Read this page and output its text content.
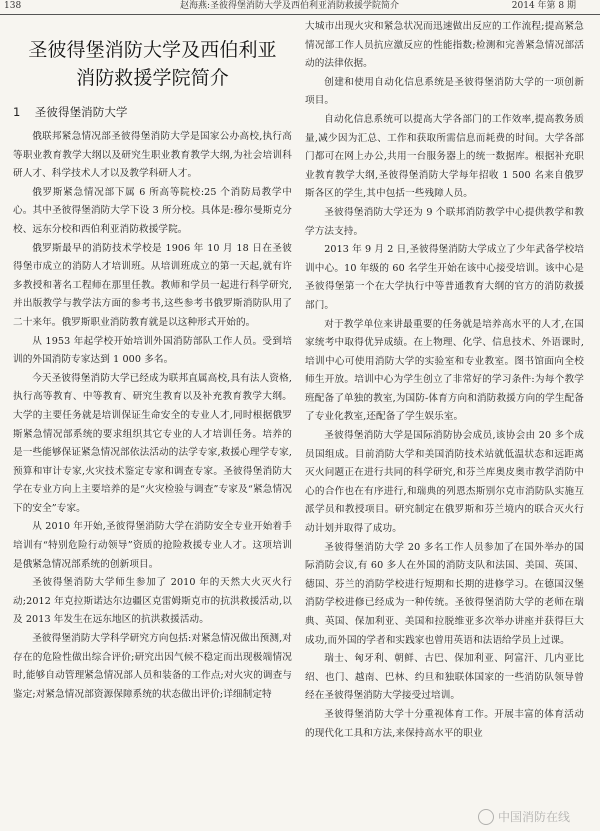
138	赵海燕:圣彼得堡消防大学及西伯利亚消防救援学院简介	2014 年第 8 期
圣彼得堡消防大学及西伯利亚
消防救援学院简介
1 圣彼得堡消防大学

俄联邦紧急情况部圣彼得堡消防大学是国家公办高校,执行高等职业教育教学大纲以及研究生职业教育教学大纲,为社会培训科研人才、科学技术人才以及教学科研人才。

俄罗斯紧急情况部下属 6 所高等院校:25 个消防局教学中心。其中圣彼得堡消防大学下设 3 所分校。具体是:穆尔曼斯克分校、远东分校和西伯利亚消防救援学院。

俄罗斯最早的消防技术学校是 1906 年 10 月 18 日在圣彼得堡市成立的消防人才培训班。从培训班成立的第一天起,就有许多教授和著名工程师在那里任教。教师和学员一起进行科学研究,并出版教学与教学法方面的参考书,这些参考书俄罗斯消防队用了二十来年。俄罗斯职业消防教育就是以这种形式开始的。

从 1953 年起学校开始培训外国消防部队工作人员。受到培训的外国消防专家达到 1 000 多名。

今天圣彼得堡消防大学已经成为联邦直属高校,具有法人资格,执行高等教育、中等教育、研究生教育以及补充教育教学大纲。大学的主要任务就是培训保证生命安全的专业人才,同时根据俄罗斯紧急情况部系统的要求组织其它专业的人才培训任务。培养的是一些能够保证紧急情况部依法活动的法学专家,救援心理学专家,预算和审计专家,火灾技术鉴定专家和调查专家。圣彼得堡消防大学在专业方向上主要培养的是“火灾检验与调查”专家及“紧急情况下的安全”专家。

从 2010 年开始,圣彼得堡消防大学在消防安全专业开始着手培训有“特别危险行动领导”资质的抢险救援专业人才。这项培训是俄紧急情况部系统的创新项目。

圣彼得堡消防大学师生参加了 2010 年的天然大火灭火行动;2012 年克拉斯诺达尔边疆区克雷姆斯克市的抗洪救援活动,以及 2013 年发生在远东地区的抗洪救援活动。

圣彼得堡消防大学科学研究方向包括:对紧急情况做出预测,对存在的危险性做出综合评价;研究出因气候不稳定而出现极端情况时,能够自动管理紧急情况部人员和装备的工作点;对火灾的调查与鉴定;对紧急情况部资源保障系统的状态做出评价;详细制定特

大城市出现火灾和紧急状况而迅速做出反应的工作流程;提高紧急情况部工作人员抗应激反应的性能指数;检测和完善紧急情况部活动的法律依据。

创建和使用自动化信息系统是圣彼得堡消防大学的一项创新项目。

自动化信息系统可以提高大学各部门的工作效率,提高教务质量,减少因为汇总、工作和获取所需信息而耗费的时间。大学各部门都可在网上办公,共用一台服务器上的统一数据库。根据补充职业教育教学大纲,圣彼得堡消防大学每年招收 1 500 名来自俄罗斯各区的学生,其中包括一些残障人员。

圣彼得堡消防大学还为 9 个联邦消防教学中心提供教学和教学方法支持。

2013 年 9 月 2 日,圣彼得堡消防大学成立了少年武备学校培训中心。10 年级的 60 名学生开始在该中心接受培训。该中心是圣彼得堡第一个在大学执行中等普通教育大纲的官方的消防救援部门。

对于教学单位来讲最重要的任务就是培养高水平的人才,在国家统考中取得优异成绩。在上物理、化学、信息技术、外语课时,培训中心可使用消防大学的实验室和专业教室。图书馆面向全校师生开放。培训中心为学生创立了非常好的学习条件:为每个教学班配备了单独的教室,为国防-体育方向和消防救援方向的学生配备了专业化教室,还配备了学生娱乐室。

圣彼得堡消防大学是国际消防协会成员,该协会由 20 多个成员国组成。目前消防大学和美国消防技术站就低温状态和远距离灭火问题正在进行共同的科学研究,和芬兰库奥皮奥市教学消防中心的合作也在有序进行,和瑞典的列恩杰斯别尔克市消防队实施互派学员和教授项目。研究制定在俄罗斯和芬兰境内的联合灭火行动计划并取得了成功。

圣彼得堡消防大学 20 多名工作人员参加了在国外举办的国际消防会议,有 60 多人在外国的消防支队和法国、美国、英国、德国、芬兰的消防学校进行短期和长期的进修学习。在德国汉堡消防学校进修已经成为一种传统。圣彼得堡消防大学的老师在瑞典、英国、保加利亚、美国和拉脱维亚多次举办讲座并获得巨大成功,而外国的学者和实践家也曾用英语和法语给学员上过课。

瑞士、匈牙利、朝鲜、古巴、保加利亚、阿富汗、几内亚比绍、也门、越南、巴林、约旦和独联体国家的一些消防队领导曾经在圣彼得堡消防大学接受过培训。

圣彼得堡消防大学十分重视体育工作。开展丰富的体育活动的现代化工具和方法,来保持高水平的职业

中国消防在线
